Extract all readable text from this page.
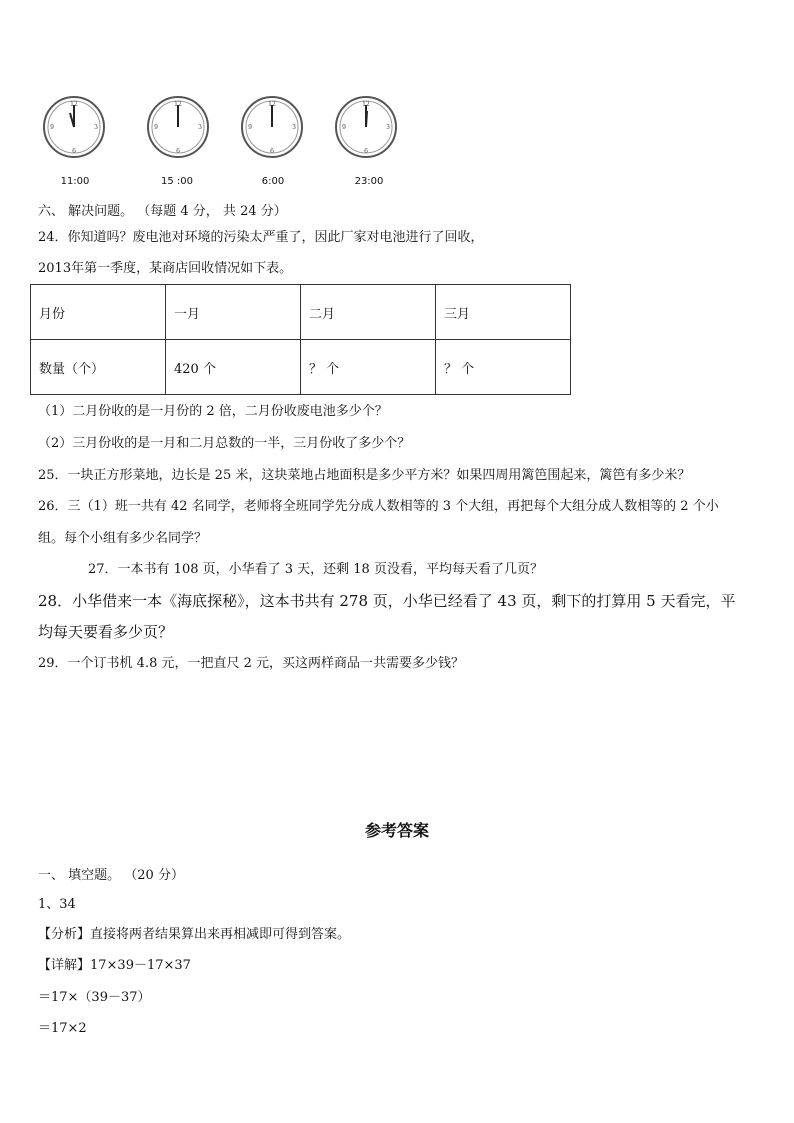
12
3
6
9
12
3
6
9
12
3
6
9
12
3
6
9
11:00	15 :00	6:00	23:00
六、 解决问题。 （每题 4 分， 共 24 分）
24．你知道吗？废电池对环境的污染太严重了，因此厂家对电池进行了回收，
2013年第一季度，某商店回收情况如下表。
月份	一月	二月	三月
数量（个）	420 个	？ 个	？ 个
（1）二月份收的是一月份的 2 倍，二月份收废电池多少个？
（2）三月份收的是一月和二月总数的一半，三月份收了多少个？
25．一块正方形菜地，边长是 25 米，这块菜地占地面积是多少平方米？如果四周用篱笆围起来，篱笆有多少米？
26．三（1）班一共有 42 名同学，老师将全班同学先分成人数相等的 3 个大组，再把每个大组分成人数相等的 2 个小
组。每个小组有多少名同学？
27．一本书有 108 页，小华看了 3 天，还剩 18 页没看，平均每天看了几页？
28．小华借来一本《海底探秘》，这本书共有 278 页，小华已经看了 43 页，剩下的打算用 5 天看完，平
均每天要看多少页？
29．一个订书机 4.8 元，一把直尺 2 元，买这两样商品一共需要多少钱？
参考答案
一、 填空题。 （20 分）
1、34
【分析】直接将两者结果算出来再相减即可得到答案。
【详解】17×39－17×37
＝17×（39－37）
＝17×2
